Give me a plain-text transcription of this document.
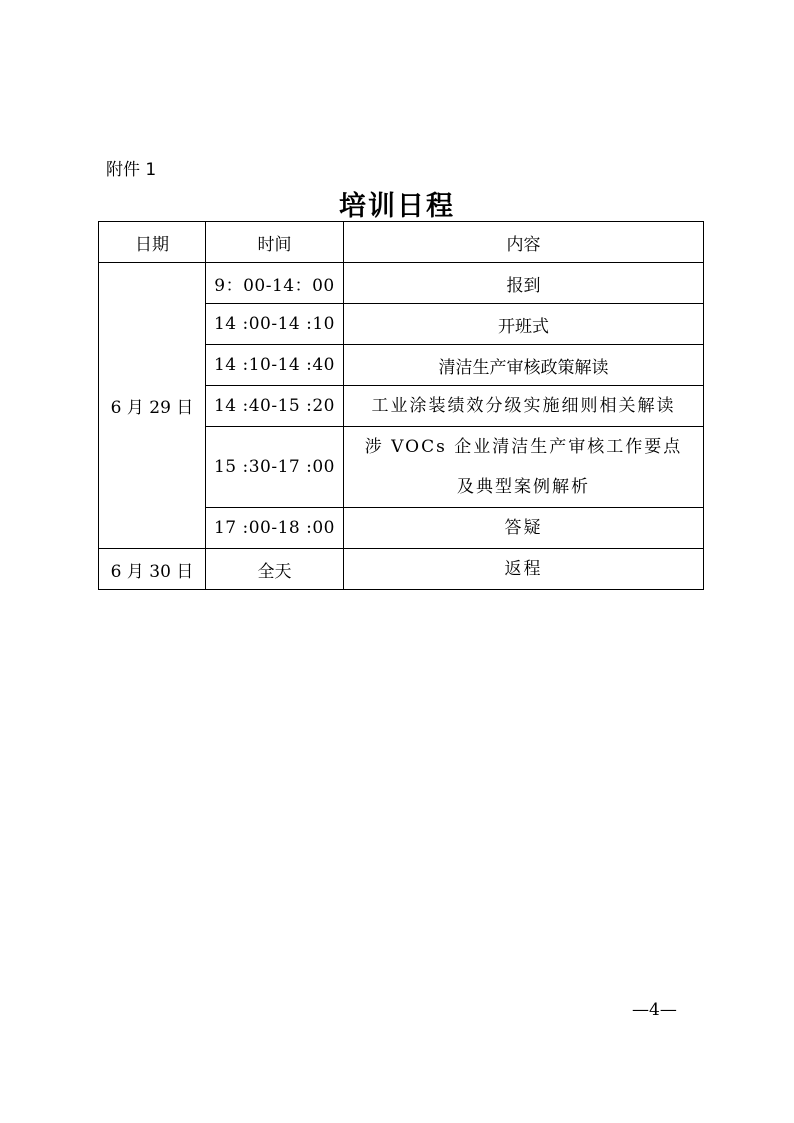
附件 1
培训日程
日期	时间	内容
6 月 29 日	9：00-14：00	报到
	14 :00-14 :10	开班式
	14 :10-14 :40	清洁生产审核政策解读
	14 :40-15 :20	工业涂装绩效分级实施细则相关解读
	15 :30-17 :00	涉 VOCs 企业清洁生产审核工作要点
及典型案例解析

	17 :00-18 :00	答疑
6 月 30 日	全天	返程
—4—
